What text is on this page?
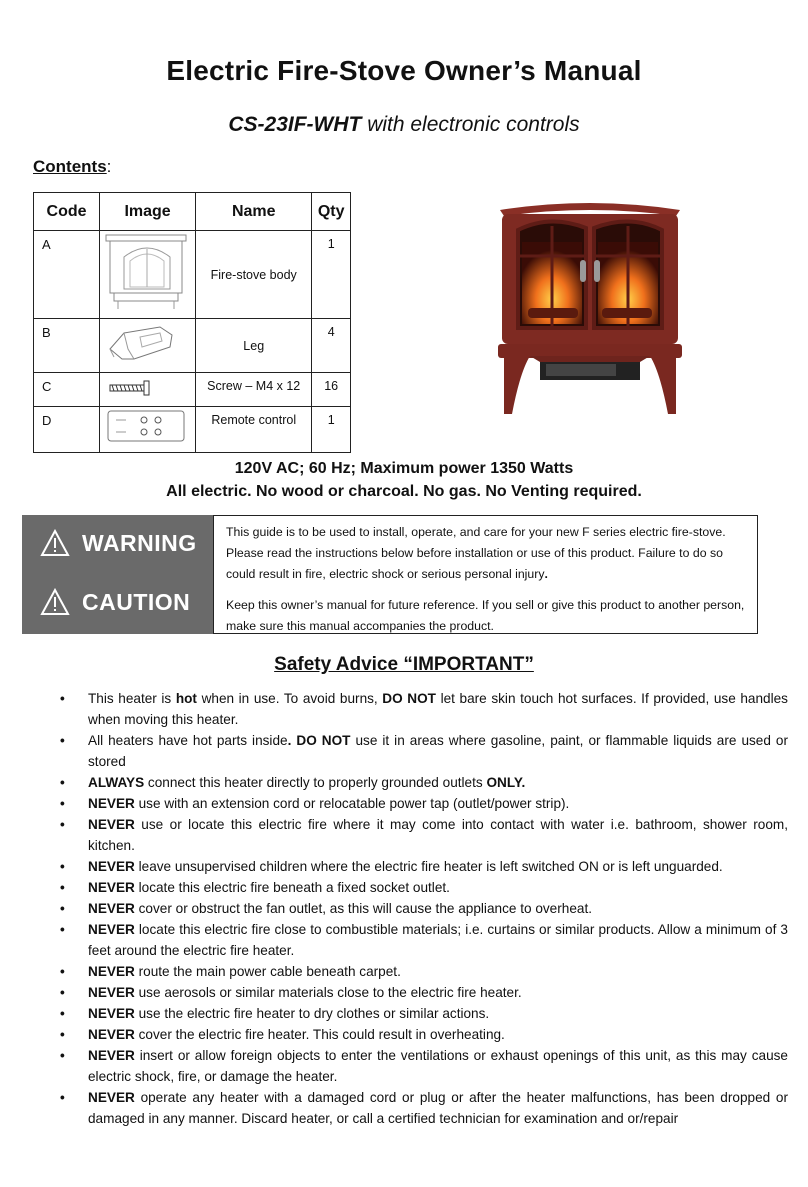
Electric Fire-Stove Owner’s Manual
CS-23IF-WHT with electronic controls
Contents:
Code	Image	Name	Qty
A		Fire-stove body	1
B		Leg	4
C		Screw – M4 x 12	16
D		Remote control	1
120V AC; 60 Hz; Maximum power 1350 Watts
All electric. No wood or charcoal. No gas. No Venting required.
WARNING
CAUTION

This guide is to be used to install, operate, and care for your new F series electric fire-stove. Please read the instructions below before installation or use of this product. Failure to do so could result in fire, electric shock or serious personal injury.

Keep this owner’s manual for future reference. If you sell or give this product to another person, make sure this manual accompanies the product.

Safety Advice “IMPORTANT”
• This heater is hot when in use. To avoid burns, DO NOT let bare skin touch hot surfaces. If provided, use handles when moving this heater.
• All heaters have hot parts inside. DO NOT use it in areas where gasoline, paint, or flammable liquids are used or stored
• ALWAYS connect this heater directly to properly grounded outlets ONLY.
• NEVER use with an extension cord or relocatable power tap (outlet/power strip).
• NEVER use or locate this electric fire where it may come into contact with water i.e. bathroom, shower room, kitchen.
• NEVER leave unsupervised children where the electric fire heater is left switched ON or is left unguarded.
• NEVER locate this electric fire beneath a fixed socket outlet.
• NEVER cover or obstruct the fan outlet, as this will cause the appliance to overheat.
• NEVER locate this electric fire close to combustible materials; i.e. curtains or similar products. Allow a minimum of 3 feet around the electric fire heater.
• NEVER route the main power cable beneath carpet.
• NEVER use aerosols or similar materials close to the electric fire heater.
• NEVER use the electric fire heater to dry clothes or similar actions.
• NEVER cover the electric fire heater. This could result in overheating.
• NEVER insert or allow foreign objects to enter the ventilations or exhaust openings of this unit, as this may cause electric shock, fire, or damage the heater.
• NEVER operate any heater with a damaged cord or plug or after the heater malfunctions, has been dropped or damaged in any manner. Discard heater, or call a certified technician for examination and or/repair
